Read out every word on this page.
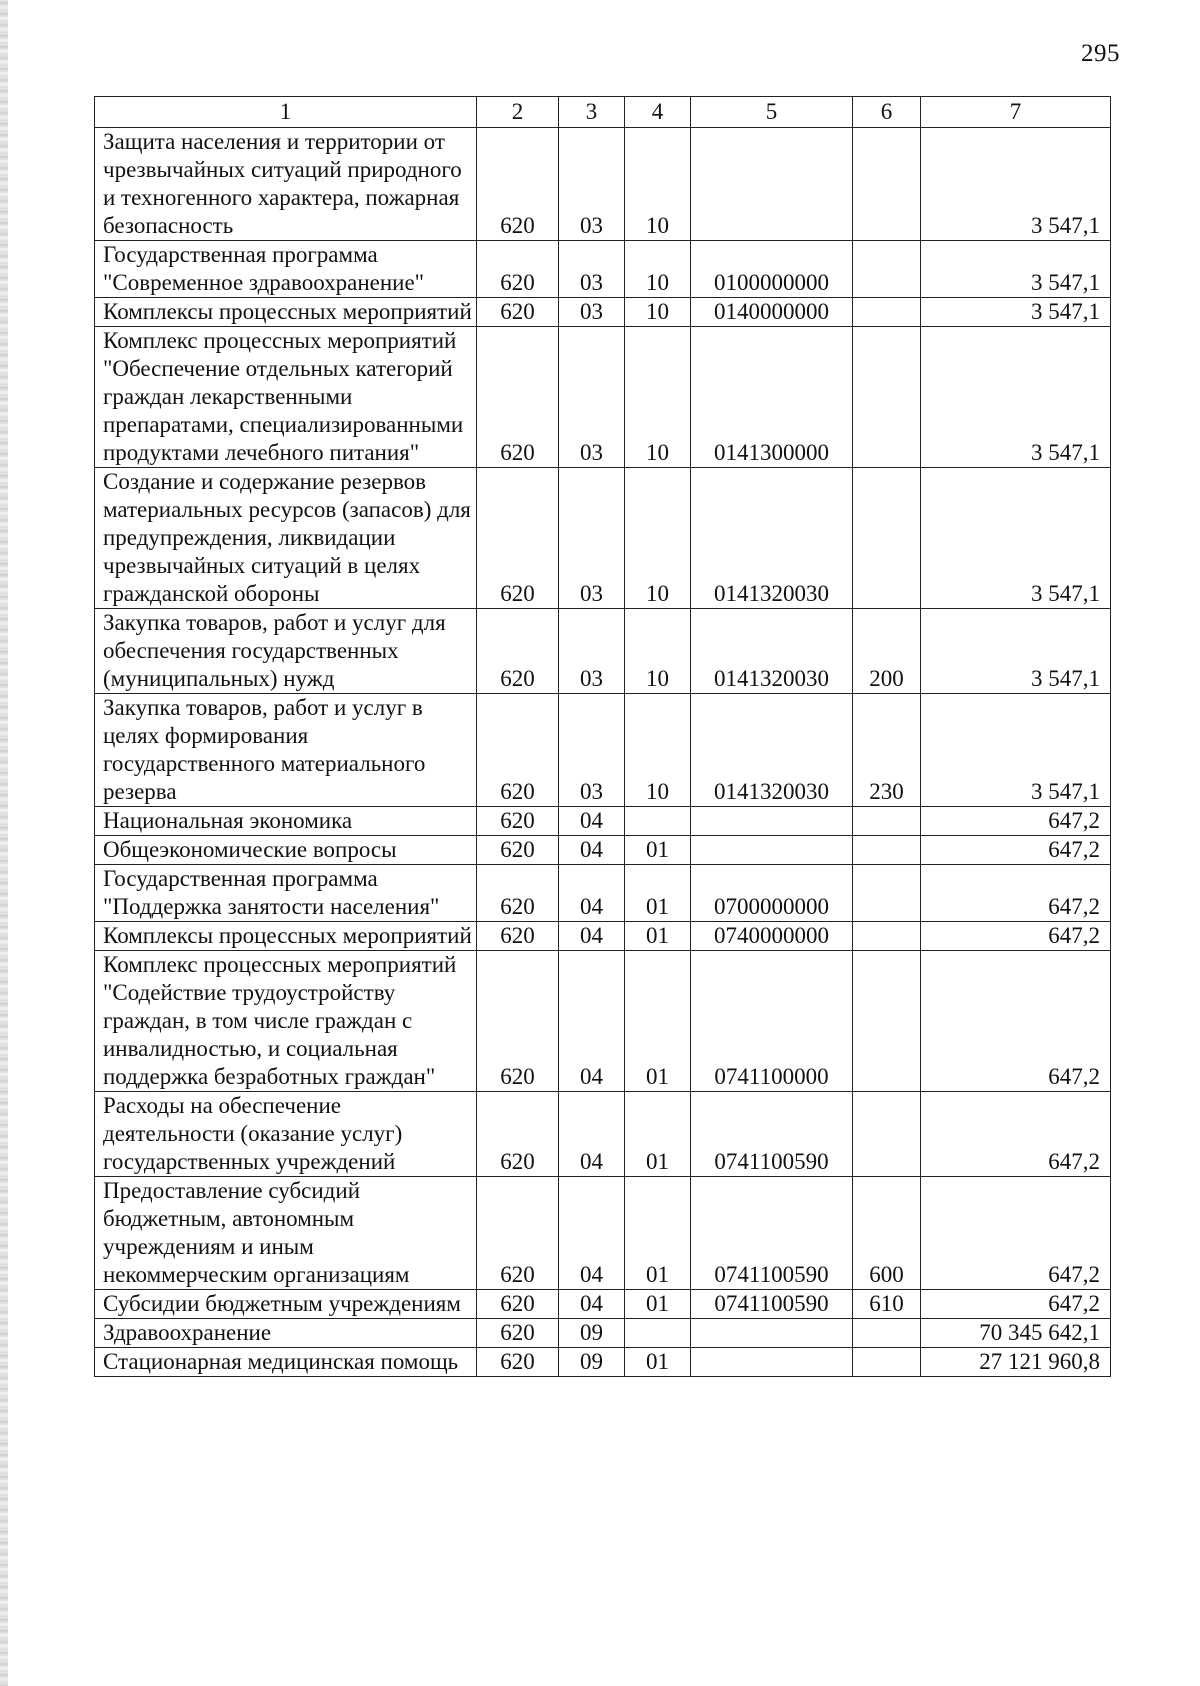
295
1	2	3	4	5	6	7
Защита населения и территории от чрезвычайных ситуаций природного и техногенного характера, пожарная безопасность	620	03	10			3 547,1
Государственная программа "Современное здравоохранение"	620	03	10	0100000000		3 547,1
Комплексы процессных мероприятий	620	03	10	0140000000		3 547,1
Комплекс процессных мероприятий "Обеспечение отдельных категорий граждан лекарственными препаратами, специализированными продуктами лечебного питания"	620	03	10	0141300000		3 547,1
Создание и содержание резервов материальных ресурсов (запасов) для предупреждения, ликвидации чрезвычайных ситуаций в целях гражданской обороны	620	03	10	0141320030		3 547,1
Закупка товаров, работ и услуг для обеспечения государственных (муниципальных) нужд	620	03	10	0141320030	200	3 547,1
Закупка товаров, работ и услуг в целях формирования государственного материального резерва	620	03	10	0141320030	230	3 547,1
Национальная экономика	620	04				647,2
Общеэкономические вопросы	620	04	01			647,2
Государственная программа "Поддержка занятости населения"	620	04	01	0700000000		647,2
Комплексы процессных мероприятий	620	04	01	0740000000		647,2
Комплекс процессных мероприятий "Содействие трудоустройству граждан, в том числе граждан с инвалидностью, и социальная поддержка безработных граждан"	620	04	01	0741100000		647,2
Расходы на обеспечение деятельности (оказание услуг) государственных учреждений	620	04	01	0741100590		647,2
Предоставление субсидий бюджетным, автономным учреждениям и иным некоммерческим организациям	620	04	01	0741100590	600	647,2
Субсидии бюджетным учреждениям	620	04	01	0741100590	610	647,2
Здравоохранение	620	09				70 345 642,1
Стационарная медицинская помощь	620	09	01			27 121 960,8
